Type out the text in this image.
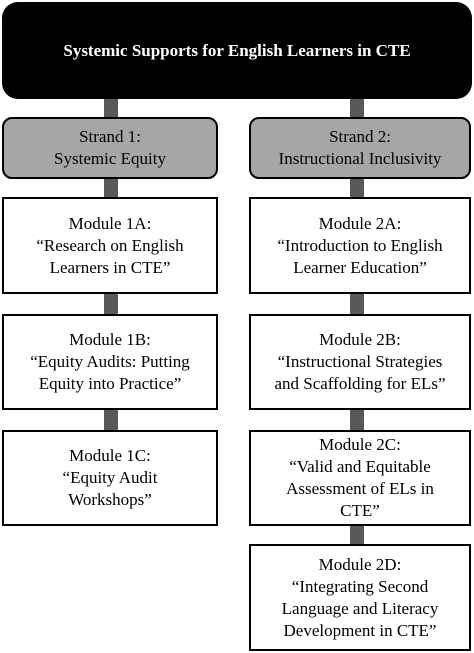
Systemic Supports for English Learners in CTE
Strand 1:
Systemic Equity
Strand 2:
Instructional Inclusivity
Module 1A:
“Research on English
Learners in CTE”
Module 1B:
“Equity Audits: Putting
Equity into Practice”
Module 1C:
“Equity Audit
Workshops”
Module 2A:
“Introduction to English
Learner Education”
Module 2B:
“Instructional Strategies
and Scaffolding for ELs”
Module 2C:
“Valid and Equitable
Assessment of ELs in
CTE”
Module 2D:
“Integrating Second
Language and Literacy
Development in CTE”
